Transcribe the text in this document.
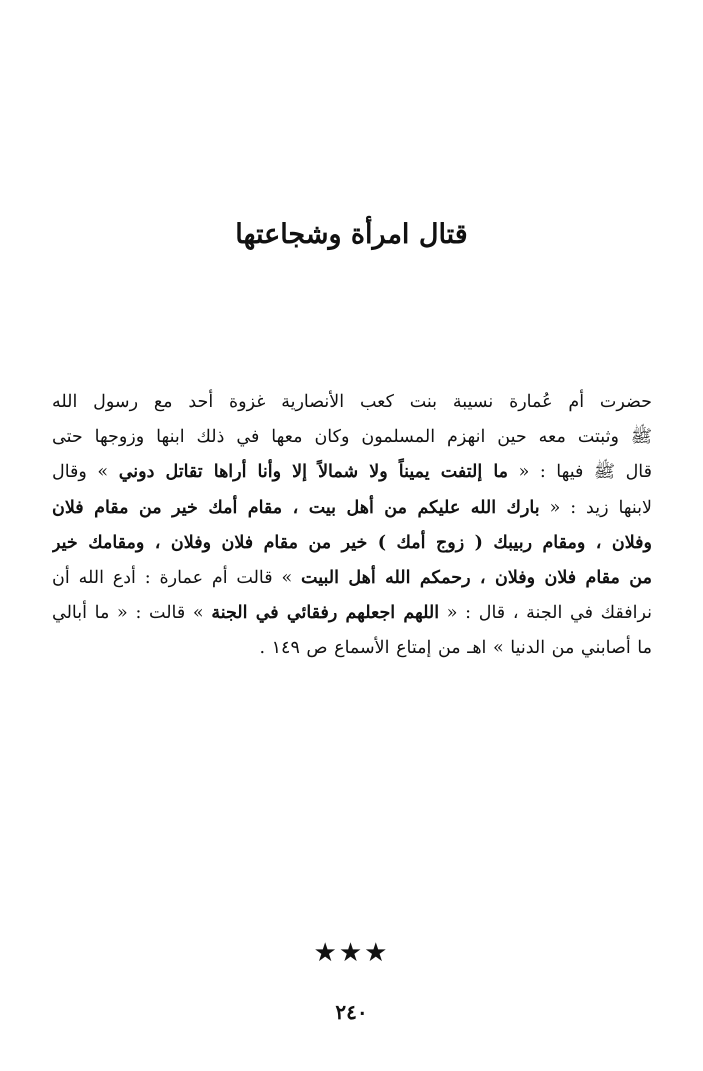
قتال امرأة وشجاعتها
حضرت أم عُمارة نسيبة بنت كعب الأنصارية غزوة أحد مع رسول الله
ﷺ وثبتت معه حين انهزم المسلمون وكان معها في ذلك ابنها وزوجها حتى
قال ﷺ فيها : « ما إلتفت يميناً ولا شمالاً إلا وأنا أراها تقاتل دوني » وقال
لابنها زيد : « بارك الله عليكم من أهل بيت ، مقام أمك خير من مقام فلان
وفلان ، ومقام ربيبك ( زوج أمك ) خير من مقام فلان وفلان ، ومقامك خير
من مقام فلان وفلان ، رحمكم الله أهل البيت » قالت أم عمارة : أدع الله أن
نرافقك في الجنة ، قال : « اللهم اجعلهم رفقائي في الجنة » قالت : « ما أبالي
ما أصابني من الدنيا » اهـ من إمتاع الأسماع ص ١٤٩ .
★★★
٢٤٠
